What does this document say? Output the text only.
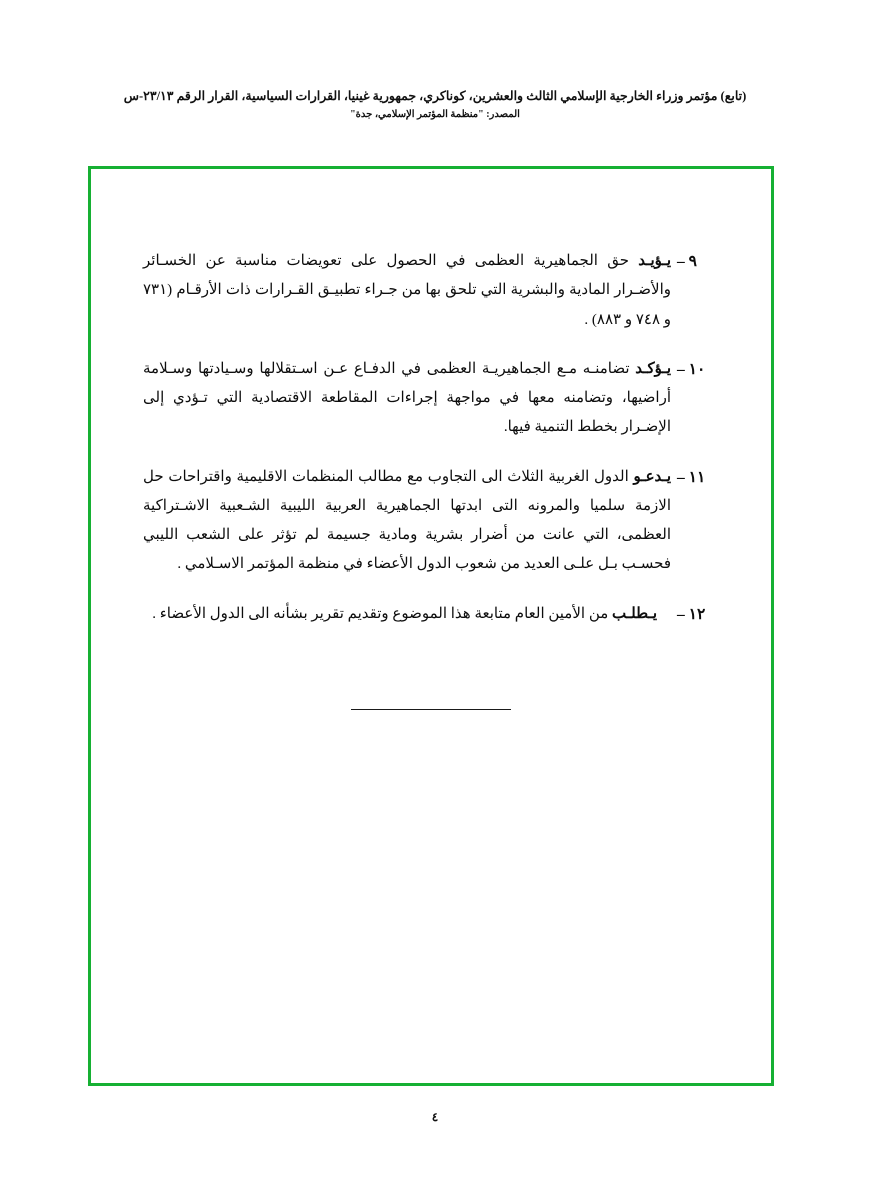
(تابع) مؤتمر وزراء الخارجية الإسلامي الثالث والعشرين، كوناكري، جمهورية غينيا، القرارات السياسية، القرار الرقم ٢٣/١٣-س
المصدر: "منظمة المؤتمر الإسلامي، جدة"
٩ –
يـؤيـد حق الجماهيرية العظمى في الحصول على تعويضات مناسبة عن الخسـائر والأضـرار المادية والبشرية التي تلحق بها من جـراء تطبيـق القـرارات ذات الأرقـام (٧٣١ و ٧٤٨ و ٨٨٣) .
١٠ –
يـؤكـد تضامنـه مـع الجماهيريـة العظمى في الدفـاع عـن اسـتقلالها وسـيادتها وسـلامة أراضيها، وتضامنه معها في مواجهة إجراءات المقاطعة الاقتصادية التي تـؤدي إلى الإضـرار بخطط التنمية فيها.
١١ –
يـدعـو الدول الغربية الثلاث الى التجاوب مع مطالب المنظمات الاقليمية واقتراحات حل الازمة سلميا والمرونه التى ابدتها الجماهيرية العربية الليبية الشـعبية الاشـتراكية العظمى، التي عانت من أضرار بشرية ومادية جسيمة لم تؤثر على الشعب الليبي فحسـب بـل علـى العديد من شعوب الدول الأعضاء في منظمة المؤتمر الاسـلامي .
١٢ –
يـطلـب من الأمين العام متابعة هذا الموضوع وتقديم تقرير بشأنه الى الدول الأعضاء .
٤
